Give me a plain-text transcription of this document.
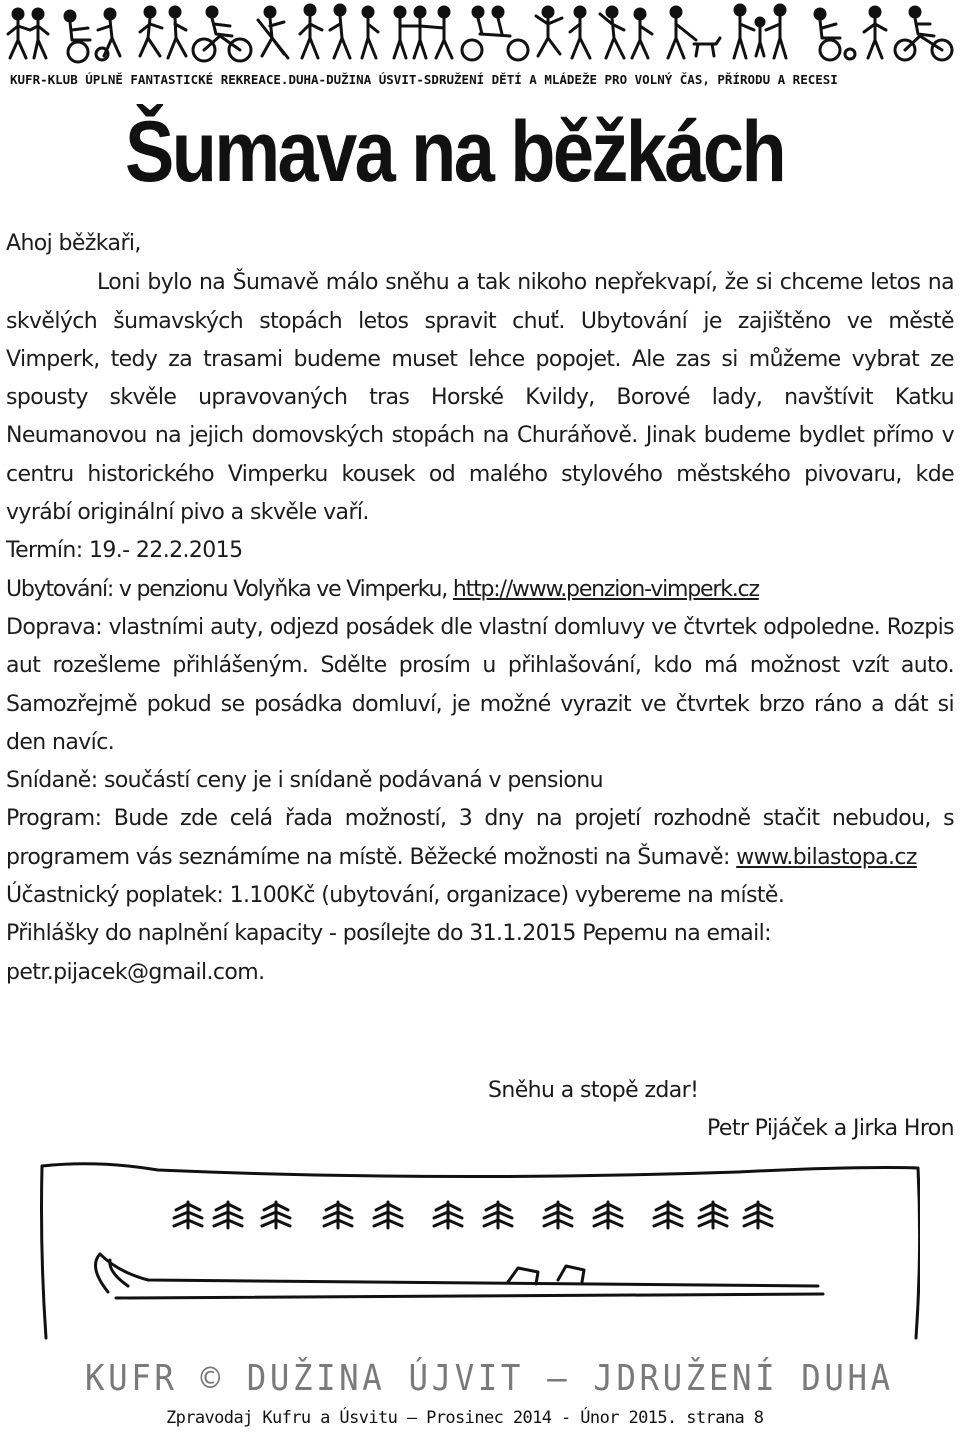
KUFR-KLUB ÚPLNĚ FANTASTICKÉ REKREACE.DUHA-DUŽINA ÚSVIT-SDRUŽENÍ DĚTÍ A MLÁDEŽE PRO VOLNÝ ČAS, PŘÍRODU A RECESI
Šumava na běžkách

Ahoj běžkaři,

Loni bylo na Šumavě málo sněhu a tak nikoho nepřekvapí, že si chceme letos na skvělých šumavských stopách letos spravit chuť. Ubytování je zajištěno ve městě Vimperk, tedy za trasami budeme muset lehce popojet. Ale zas si můžeme vybrat ze spousty skvěle upravovaných tras Horské Kvildy, Borové lady, navštívit Katku Neumanovou na jejich domovských stopách na Churáňově. Jinak budeme bydlet přímo v centru historického Vimperku kousek od malého stylového městského pivovaru, kde vyrábí originální pivo a skvěle vaří.

Termín: 19.- 22.2.2015

Ubytování: v penzionu Volyňka ve Vimperku, http://www.penzion-vimperk.cz

Doprava: vlastními auty, odjezd posádek dle vlastní domluvy ve čtvrtek odpoledne. Rozpis aut rozešleme přihlášeným. Sdělte prosím u přihlašování, kdo má možnost vzít auto. Samozřejmě pokud se posádka domluví, je možné vyrazit ve čtvrtek brzo ráno a dát si den navíc.

Snídaně: součástí ceny je i snídaně podávaná v pensionu

Program: Bude zde celá řada možností, 3 dny na projetí rozhodně stačit nebudou, s programem vás seznámíme na místě. Běžecké možnosti na Šumavě: www.bilastopa.cz

Účastnický poplatek: 1.100Kč (ubytování, organizace) vybereme na místě.

Přihlášky do naplnění kapacity - posílejte do 31.1.2015 Pepemu na email: petr.pijacek@gmail.com.

Sněhu a stopě zdar!
Petr Pijáček a Jirka Hron
KUFR © DUŽINA ÚJVIT – JDRUŽENÍ DUHA
Zpravodaj Kufru a Úsvitu – Prosinec 2014 - Únor 2015. strana 8
